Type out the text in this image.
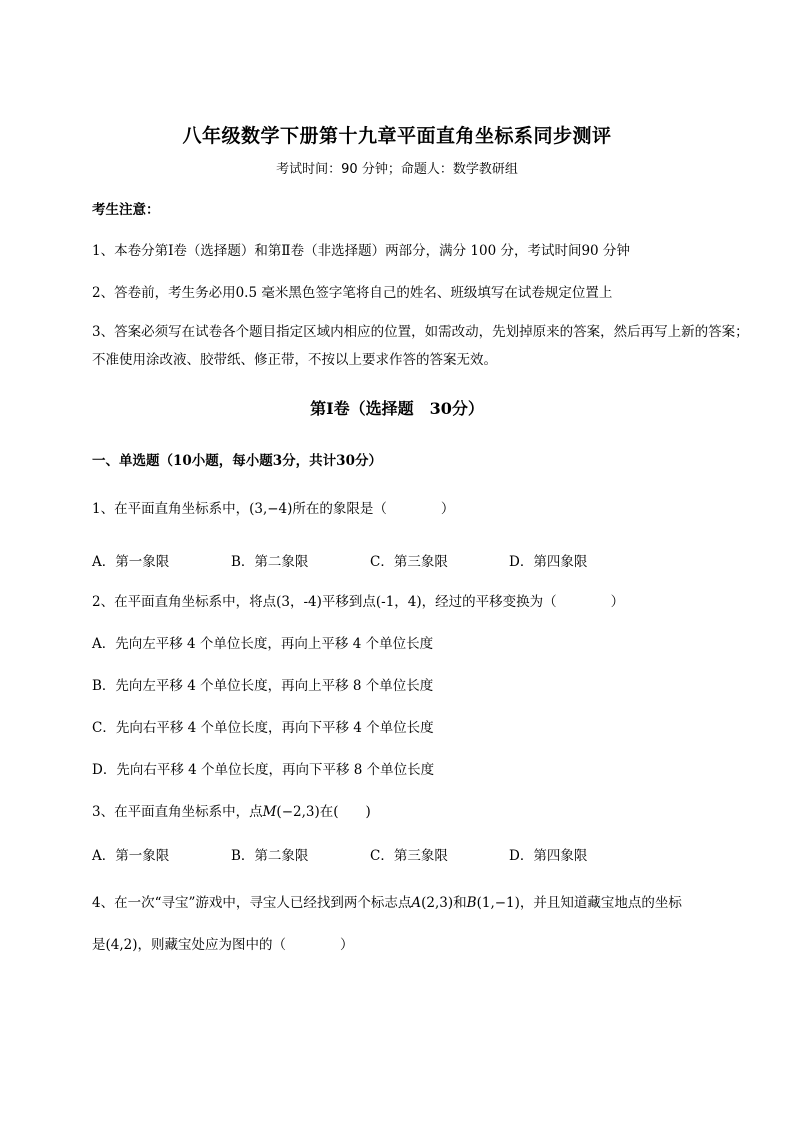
八年级数学下册第十九章平面直角坐标系同步测评
考试时间：90 分钟；命题人：数学教研组
考生注意：
1、本卷分第Ⅰ卷（选择题）和第Ⅱ卷（非选择题）两部分，满分 100 分，考试时间90 分钟
2、答卷前，考生务必用0.5 毫米黑色签字笔将自己的姓名、班级填写在试卷规定位置上
3、答案必须写在试卷各个题目指定区域内相应的位置，如需改动，先划掉原来的答案，然后再写上新的答案；不准使用涂改液、胶带纸、修正带，不按以上要求作答的答案无效。
第Ⅰ卷（选择题　30分）
一、单选题（10小题，每小题3分，共计30分）
1、在平面直角坐标系中，(3,−4)所在的象限是（　　　　）
A．第一象限	B．第二象限	C．第三象限	D．第四象限
2、在平面直角坐标系中，将点(3，-4)平移到点(-1，4)，经过的平移变换为（　　　　）
A．先向左平移 4 个单位长度，再向上平移 4 个单位长度
B．先向左平移 4 个单位长度，再向上平移 8 个单位长度
C．先向右平移 4 个单位长度，再向下平移 4 个单位长度
D．先向右平移 4 个单位长度，再向下平移 8 个单位长度
3、在平面直角坐标系中，点M(−2,3)在(　　)
A．第一象限	B．第二象限	C．第三象限	D．第四象限
4、在一次“寻宝”游戏中，寻宝人已经找到两个标志点A(2,3)和B(1,−1)，并且知道藏宝地点的坐标
是(4,2)，则藏宝处应为图中的（　　　　）
